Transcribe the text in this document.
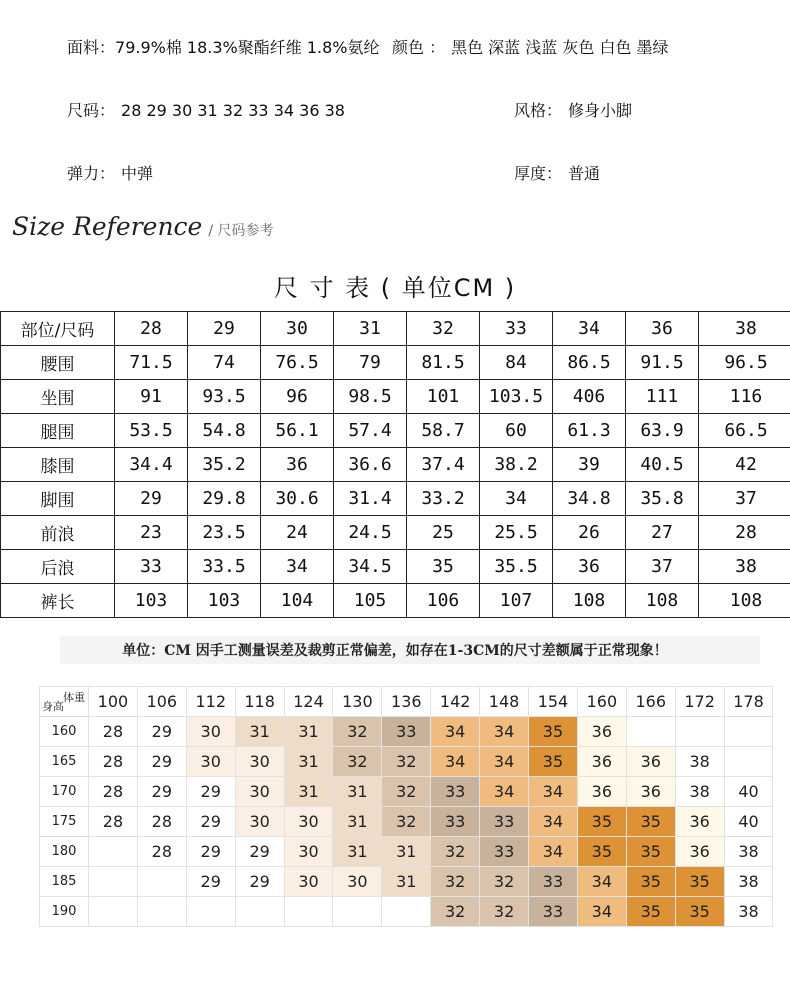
面料：79.9%棉 18.3%聚酯纤维 1.8%氨纶 颜色 ： 黑色 深蓝 浅蓝 灰色 白色 墨绿
尺码： 28 29 30 31 32 33 34 36 38	风格： 修身小脚
弹力： 中弹	厚度： 普通
Size Reference / 尺码参考
尺 寸 表 ( 单位CM )
部位/尺码	28	29	30	31	32	33	34	36	38
腰围	71.5	74	76.5	79	81.5	84	86.5	91.5	96.5
坐围	91	93.5	96	98.5	101	103.5	406	111	116
腿围	53.5	54.8	56.1	57.4	58.7	60	61.3	63.9	66.5
膝围	34.4	35.2	36	36.6	37.4	38.2	39	40.5	42
脚围	29	29.8	30.6	31.4	33.2	34	34.8	35.8	37
前浪	23	23.5	24	24.5	25	25.5	26	27	28
后浪	33	33.5	34	34.5	35	35.5	36	37	38
裤长	103	103	104	105	106	107	108	108	108
单位：CM 因手工测量误差及裁剪正常偏差，如存在1-3CM的尺寸差额属于正常现象！
体重
身高	100	106	112	118	124	130	136	142	148	154	160	166	172	178
160	28	29	30	31	31	32	33	34	34	35	36			
165	28	29	30	30	31	32	32	34	34	35	36	36	38	
170	28	29	29	30	31	31	32	33	34	34	36	36	38	40
175	28	28	29	30	30	31	32	33	33	34	35	35	36	40
180		28	29	29	30	31	31	32	33	34	35	35	36	38
185			29	29	30	30	31	32	32	33	34	35	35	38
190								32	32	33	34	35	35	38
